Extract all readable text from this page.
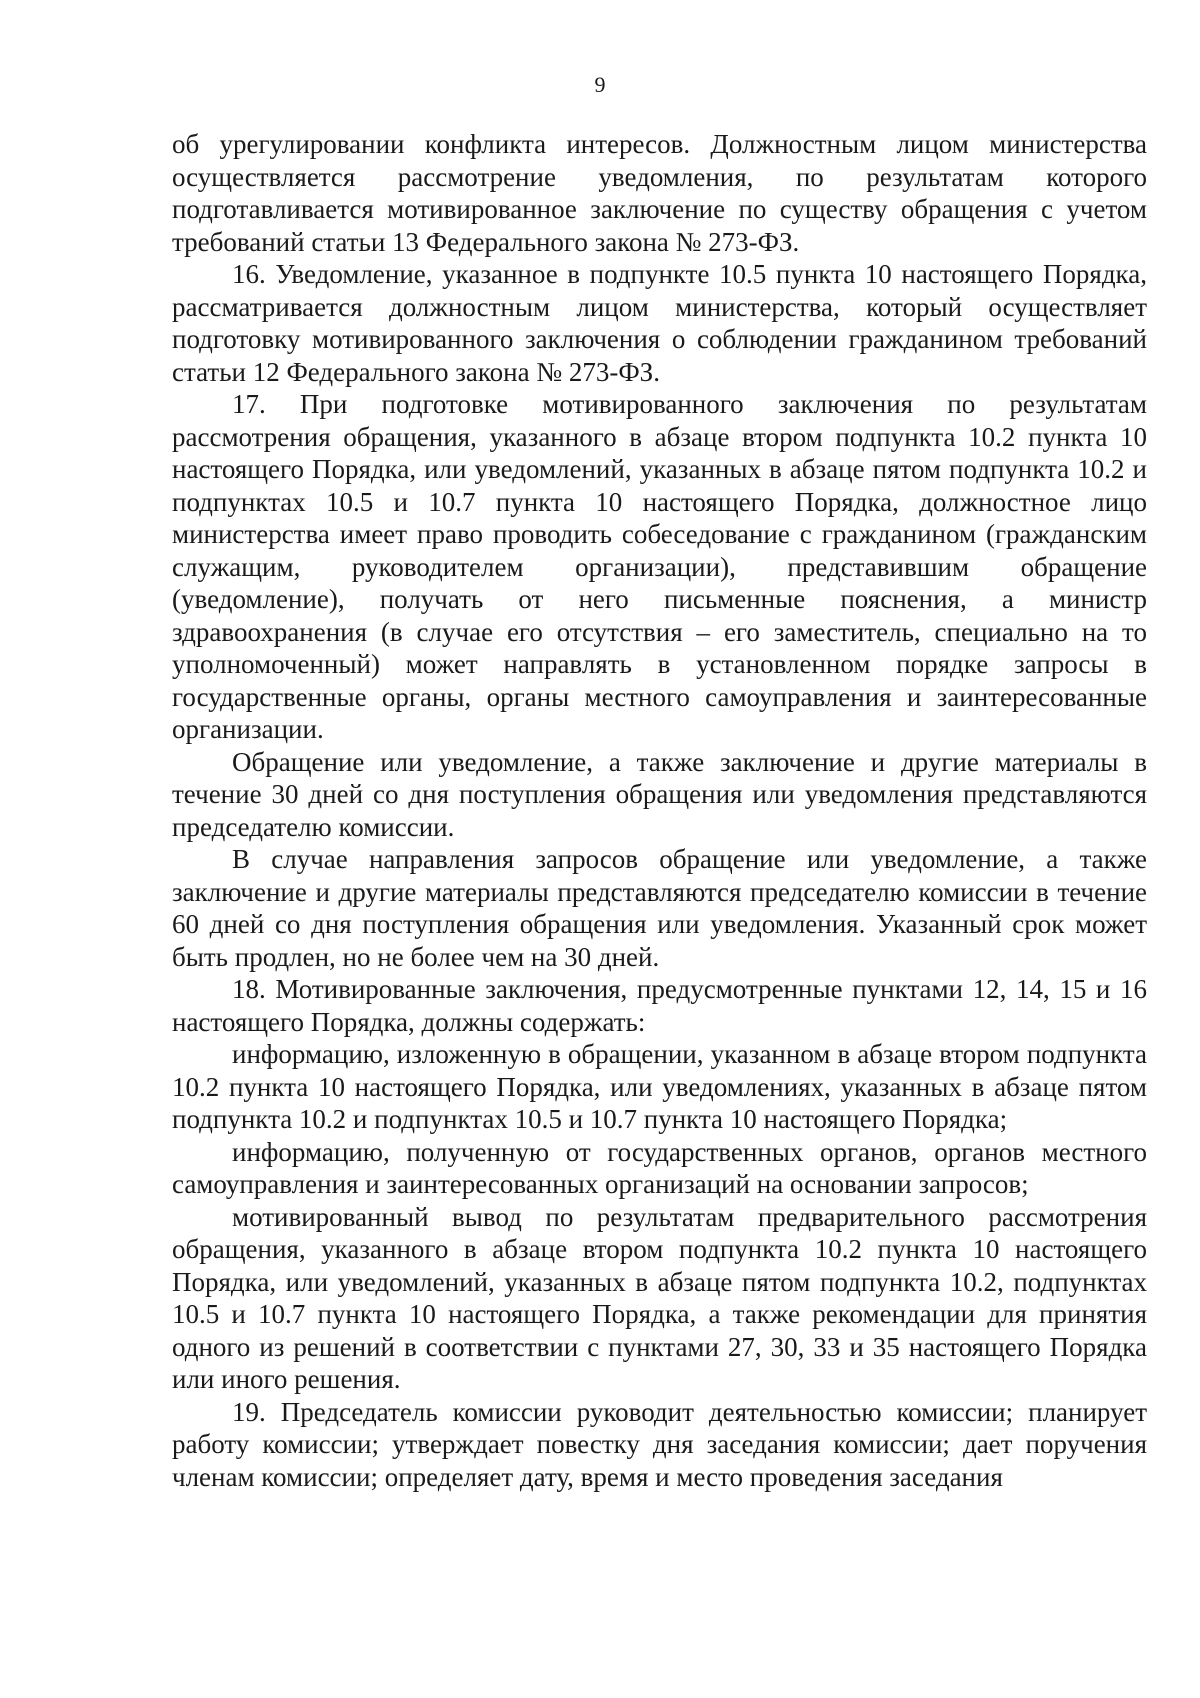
9

об урегулировании конфликта интересов. Должностным лицом министерства осуществляется рассмотрение уведомления, по результатам которого подготавливается мотивированное заключение по существу обращения с учетом требований статьи 13 Федерального закона № 273-ФЗ.

16. Уведомление, указанное в подпункте 10.5 пункта 10 настоящего Порядка, рассматривается должностным лицом министерства, который осуществляет подготовку мотивированного заключения о соблюдении гражданином требований статьи 12 Федерального закона № 273-ФЗ.

17. При подготовке мотивированного заключения по результатам рассмотрения обращения, указанного в абзаце втором подпункта 10.2 пункта 10 настоящего Порядка, или уведомлений, указанных в абзаце пятом подпункта 10.2 и подпунктах 10.5 и 10.7 пункта 10 настоящего Порядка, должностное лицо министерства имеет право проводить собеседование с гражданином (гражданским служащим, руководителем организации), представившим обращение (уведомление), получать от него письменные пояснения, а министр здравоохранения (в случае его отсутствия – его заместитель, специально на то уполномоченный) может направлять в установленном порядке запросы в государственные органы, органы местного самоуправления и заинтересованные организации.

Обращение или уведомление, а также заключение и другие материалы в течение 30 дней со дня поступления обращения или уведомления представляются председателю комиссии.

В случае направления запросов обращение или уведомление, а также заключение и другие материалы представляются председателю комиссии в течение 60 дней со дня поступления обращения или уведомления. Указанный срок может быть продлен, но не более чем на 30 дней.

18. Мотивированные заключения, предусмотренные пунктами 12, 14, 15 и 16 настоящего Порядка, должны содержать:

информацию, изложенную в обращении, указанном в абзаце втором подпункта 10.2 пункта 10 настоящего Порядка, или уведомлениях, указанных в абзаце пятом подпункта 10.2 и подпунктах 10.5 и 10.7 пункта 10 настоящего Порядка;

информацию, полученную от государственных органов, органов местного самоуправления и заинтересованных организаций на основании запросов;

мотивированный вывод по результатам предварительного рассмотрения обращения, указанного в абзаце втором подпункта 10.2 пункта 10 настоящего Порядка, или уведомлений, указанных в абзаце пятом подпункта 10.2, подпунктах 10.5 и 10.7 пункта 10 настоящего Порядка, а также рекомендации для принятия одного из решений в соответствии с пунктами 27, 30, 33 и 35 настоящего Порядка или иного решения.

19. Председатель комиссии руководит деятельностью комиссии; планирует работу комиссии; утверждает повестку дня заседания комиссии; дает поручения членам комиссии; определяет дату, время и место проведения заседания
